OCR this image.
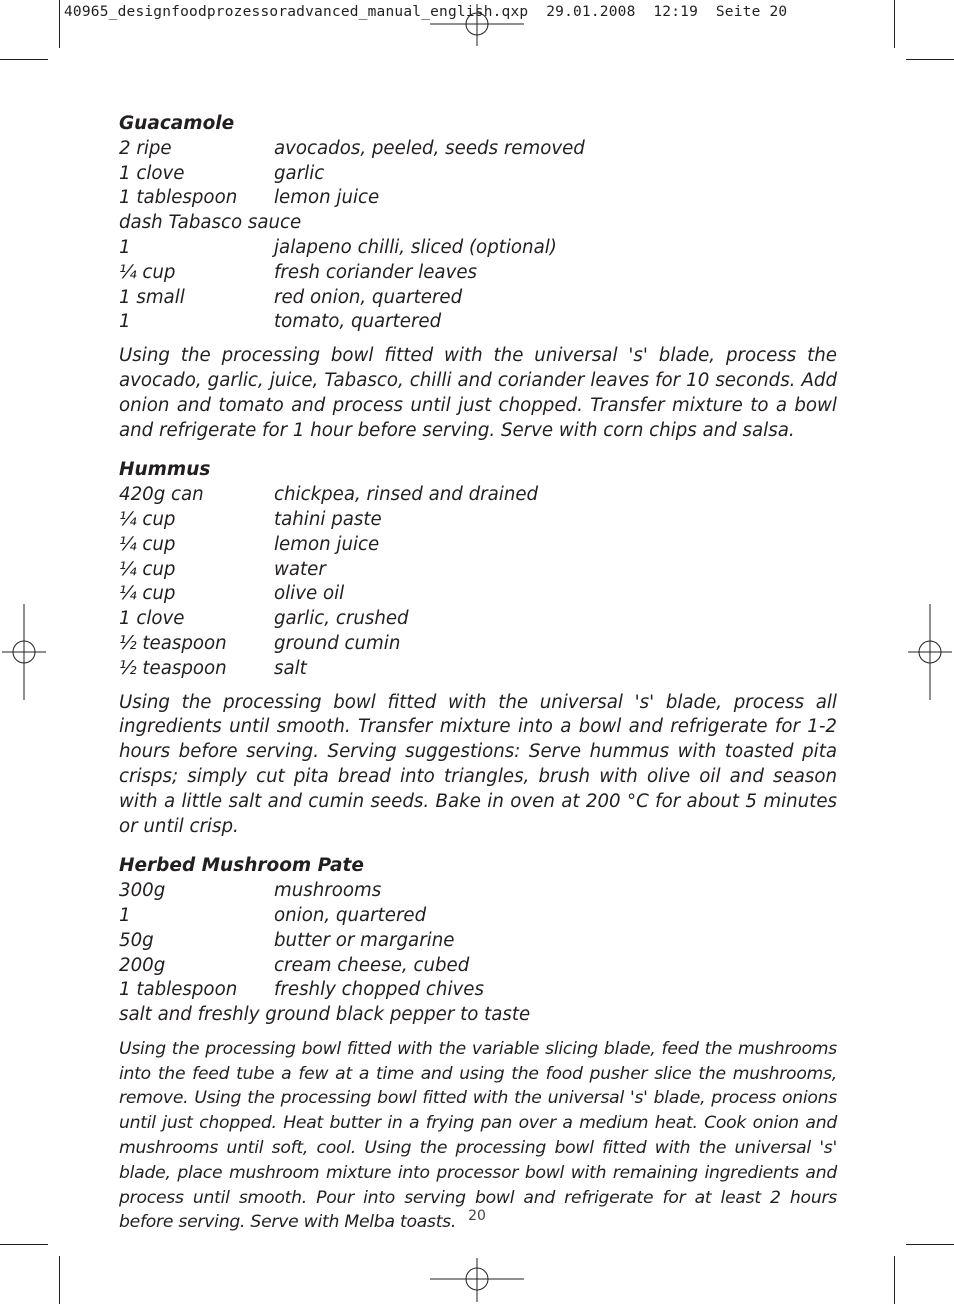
40965_designfoodprozessoradvanced_manual_english.qxp  29.01.2008  12:19  Seite 20
Guacamole
2 ripe	avocados, peeled, seeds removed
1 clove	garlic
1 tablespoon	lemon juice
dash Tabasco sauce
1	jalapeno chilli, sliced (optional)
¼ cup	fresh coriander leaves
1 small	red onion, quartered
1	tomato, quartered

Using the processing bowl fitted with the universal 's' blade, process the avocado, garlic, juice, Tabasco, chilli and coriander leaves for 10 seconds. Add onion and tomato and process until just chopped. Transfer mixture to a bowl and refrigerate for 1 hour before serving. Serve with corn chips and salsa.

Hummus
420g can	chickpea, rinsed and drained
¼ cup	tahini paste
¼ cup	lemon juice
¼ cup	water
¼ cup	olive oil
1 clove	garlic, crushed
½ teaspoon	ground cumin
½ teaspoon	salt

Using the processing bowl fitted with the universal 's' blade, process all ingredients until smooth. Transfer mixture into a bowl and refrigerate for 1-2 hours before serving. Serving suggestions: Serve hummus with toasted pita crisps; simply cut pita bread into triangles, brush with olive oil and season with a little salt and cumin seeds. Bake in oven at 200 °C for about 5 minutes or until crisp.

Herbed Mushroom Pate
300g	mushrooms
1	onion, quartered
50g	butter or margarine
200g	cream cheese, cubed
1 tablespoon	freshly chopped chives
salt and freshly ground black pepper to taste

Using the processing bowl fitted with the variable slicing blade, feed the mushrooms into the feed tube a few at a time and using the food pusher slice the mushrooms, remove. Using the processing bowl fitted with the universal 's' blade, process onions until just chopped. Heat butter in a frying pan over a medium heat. Cook onion and mushrooms until soft, cool. Using the processing bowl fitted with the universal 's' blade, place mushroom mixture into processor bowl with remaining ingredients and process until smooth. Pour into serving bowl and refrigerate for at least 2 hours before serving. Serve with Melba toasts. 20
